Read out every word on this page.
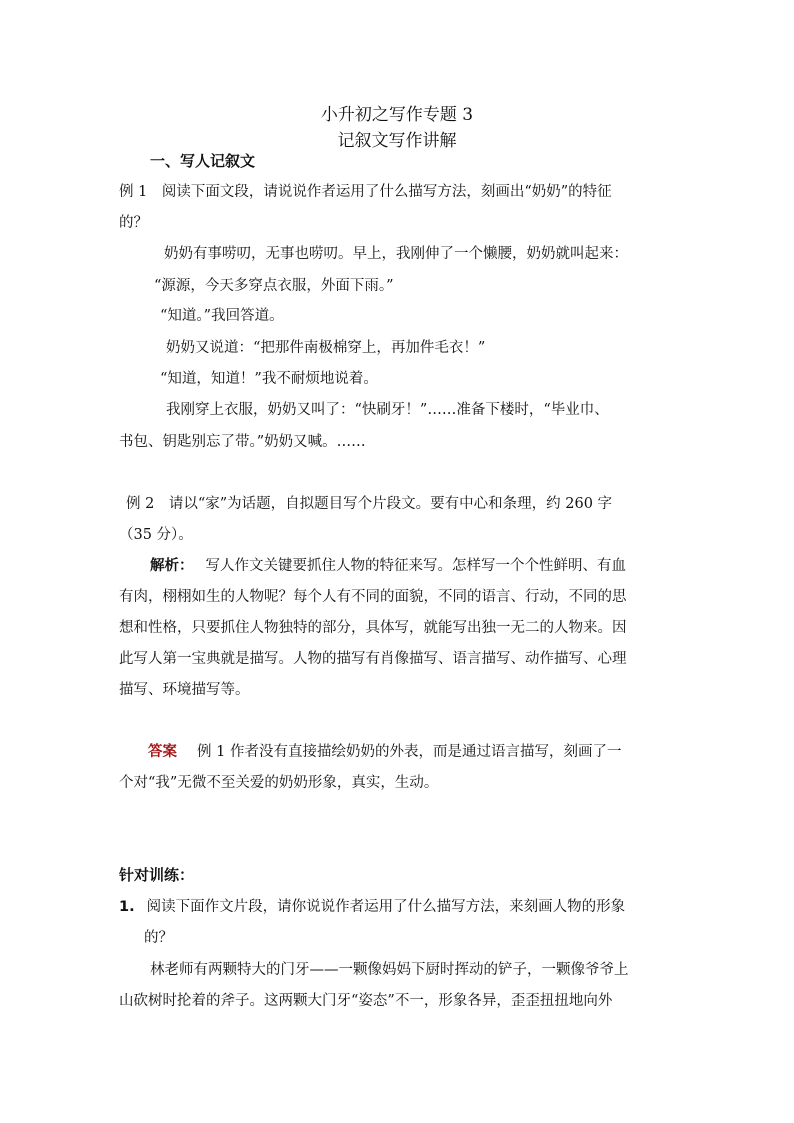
小升初之写作专题 3
记叙文写作讲解
一、写人记叙文
例 1　阅读下面文段，请说说作者运用了什么描写方法，刻画出“奶奶”的特征
的？
奶奶有事唠叨，无事也唠叨。早上，我刚伸了一个懒腰，奶奶就叫起来：
“源源，今天多穿点衣服，外面下雨。”
“知道。”我回答道。
奶奶又说道：“把那件南极棉穿上，再加件毛衣！”
“知道，知道！”我不耐烦地说着。
我刚穿上衣服，奶奶又叫了：“快刷牙！”……准备下楼时，“毕业巾、
书包、钥匙别忘了带。”奶奶又喊。……
例 2　请以“家”为话题，自拟题目写个片段文。要有中心和条理，约 260 字
（35 分）。
解析： 写人作文关键要抓住人物的特征来写。怎样写一个个性鲜明、有血
有肉，栩栩如生的人物呢？每个人有不同的面貌，不同的语言、行动，不同的思
想和性格，只要抓住人物独特的部分，具体写，就能写出独一无二的人物来。因
此写人第一宝典就是描写。人物的描写有肖像描写、语言描写、动作描写、心理
描写、环境描写等。
答案 例 1 作者没有直接描绘奶奶的外表，而是通过语言描写，刻画了一
个对“我”无微不至关爱的奶奶形象，真实，生动。
针对训练：
1. 阅读下面作文片段，请你说说作者运用了什么描写方法，来刻画人物的形象
的？
林老师有两颗特大的门牙——一颗像妈妈下厨时挥动的铲子，一颗像爷爷上
山砍树时抡着的斧子。这两颗大门牙“姿态”不一，形象各异，歪歪扭扭地向外
